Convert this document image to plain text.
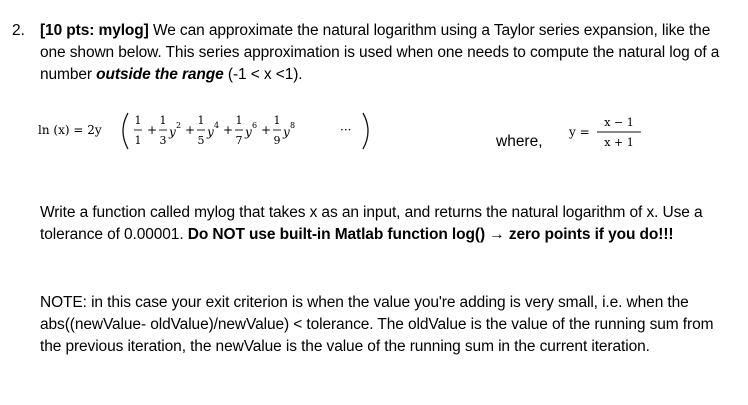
2. [10 pts: mylog] We can approximate the natural logarithm using a Taylor series expansion, like the one shown below. This series approximation is used when one needs to compute the natural log of a number outside the range (-1 < x <1).
ln (x) = 2y
1
1
+
1
3
y 2 +
1
5
y 4 +
1
7
y 6 +
1
9
y 8	···
where,
y =
x − 1
x + 1
Write a function called mylog that takes x as an input, and returns the natural logarithm of x. Use a tolerance of 0.00001. Do NOT use built-in Matlab function log() → zero points if you do!!!
NOTE: in this case your exit criterion is when the value you're adding is very small, i.e. when the abs((newValue- oldValue)/newValue) < tolerance. The oldValue is the value of the running sum from the previous iteration, the newValue is the value of the running sum in the current iteration.
